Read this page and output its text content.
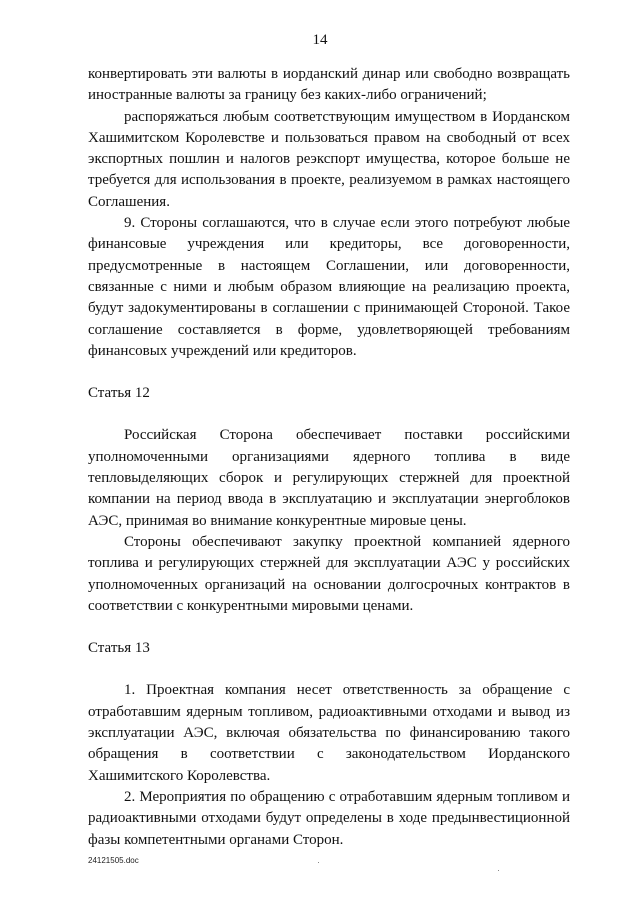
14

конвертировать эти валюты в иорданский динар или свободно возвращать иностранные валюты за границу без каких-либо ограничений;

распоряжаться любым соответствующим имуществом в Иорданском Хашимитском Королевстве и пользоваться правом на свободный от всех экспортных пошлин и налогов реэкспорт имущества, которое больше не требуется для использования в проекте, реализуемом в рамках настоящего Соглашения.

9. Стороны соглашаются, что в случае если этого потребуют любые финансовые учреждения или кредиторы, все договоренности, предусмотренные в настоящем Соглашении, или договоренности, связанные с ними и любым образом влияющие на реализацию проекта, будут задокументированы в соглашении с принимающей Стороной. Такое соглашение составляется в форме, удовлетворяющей требованиям финансовых учреждений или кредиторов.

Статья 12

Российская Сторона обеспечивает поставки российскими уполномоченными организациями ядерного топлива в виде тепловыделяющих сборок и регулирующих стержней для проектной компании на период ввода в эксплуатацию и эксплуатации энергоблоков АЭС, принимая во внимание конкурентные мировые цены.

Стороны обеспечивают закупку проектной компанией ядерного топлива и регулирующих стержней для эксплуатации АЭС у российских уполномоченных организаций на основании долгосрочных контрактов в соответствии с конкурентными мировыми ценами.

Статья 13

1. Проектная компания несет ответственность за обращение с отработавшим ядерным топливом, радиоактивными отходами и вывод из эксплуатации АЭС, включая обязательства по финансированию такого обращения в соответствии с законодательством Иорданского Хашимитского Королевства.

2. Мероприятия по обращению с отработавшим ядерным топливом и радиоактивными отходами будут определены в ходе предынвестиционной фазы компетентными органами Сторон.

24121505.doc
